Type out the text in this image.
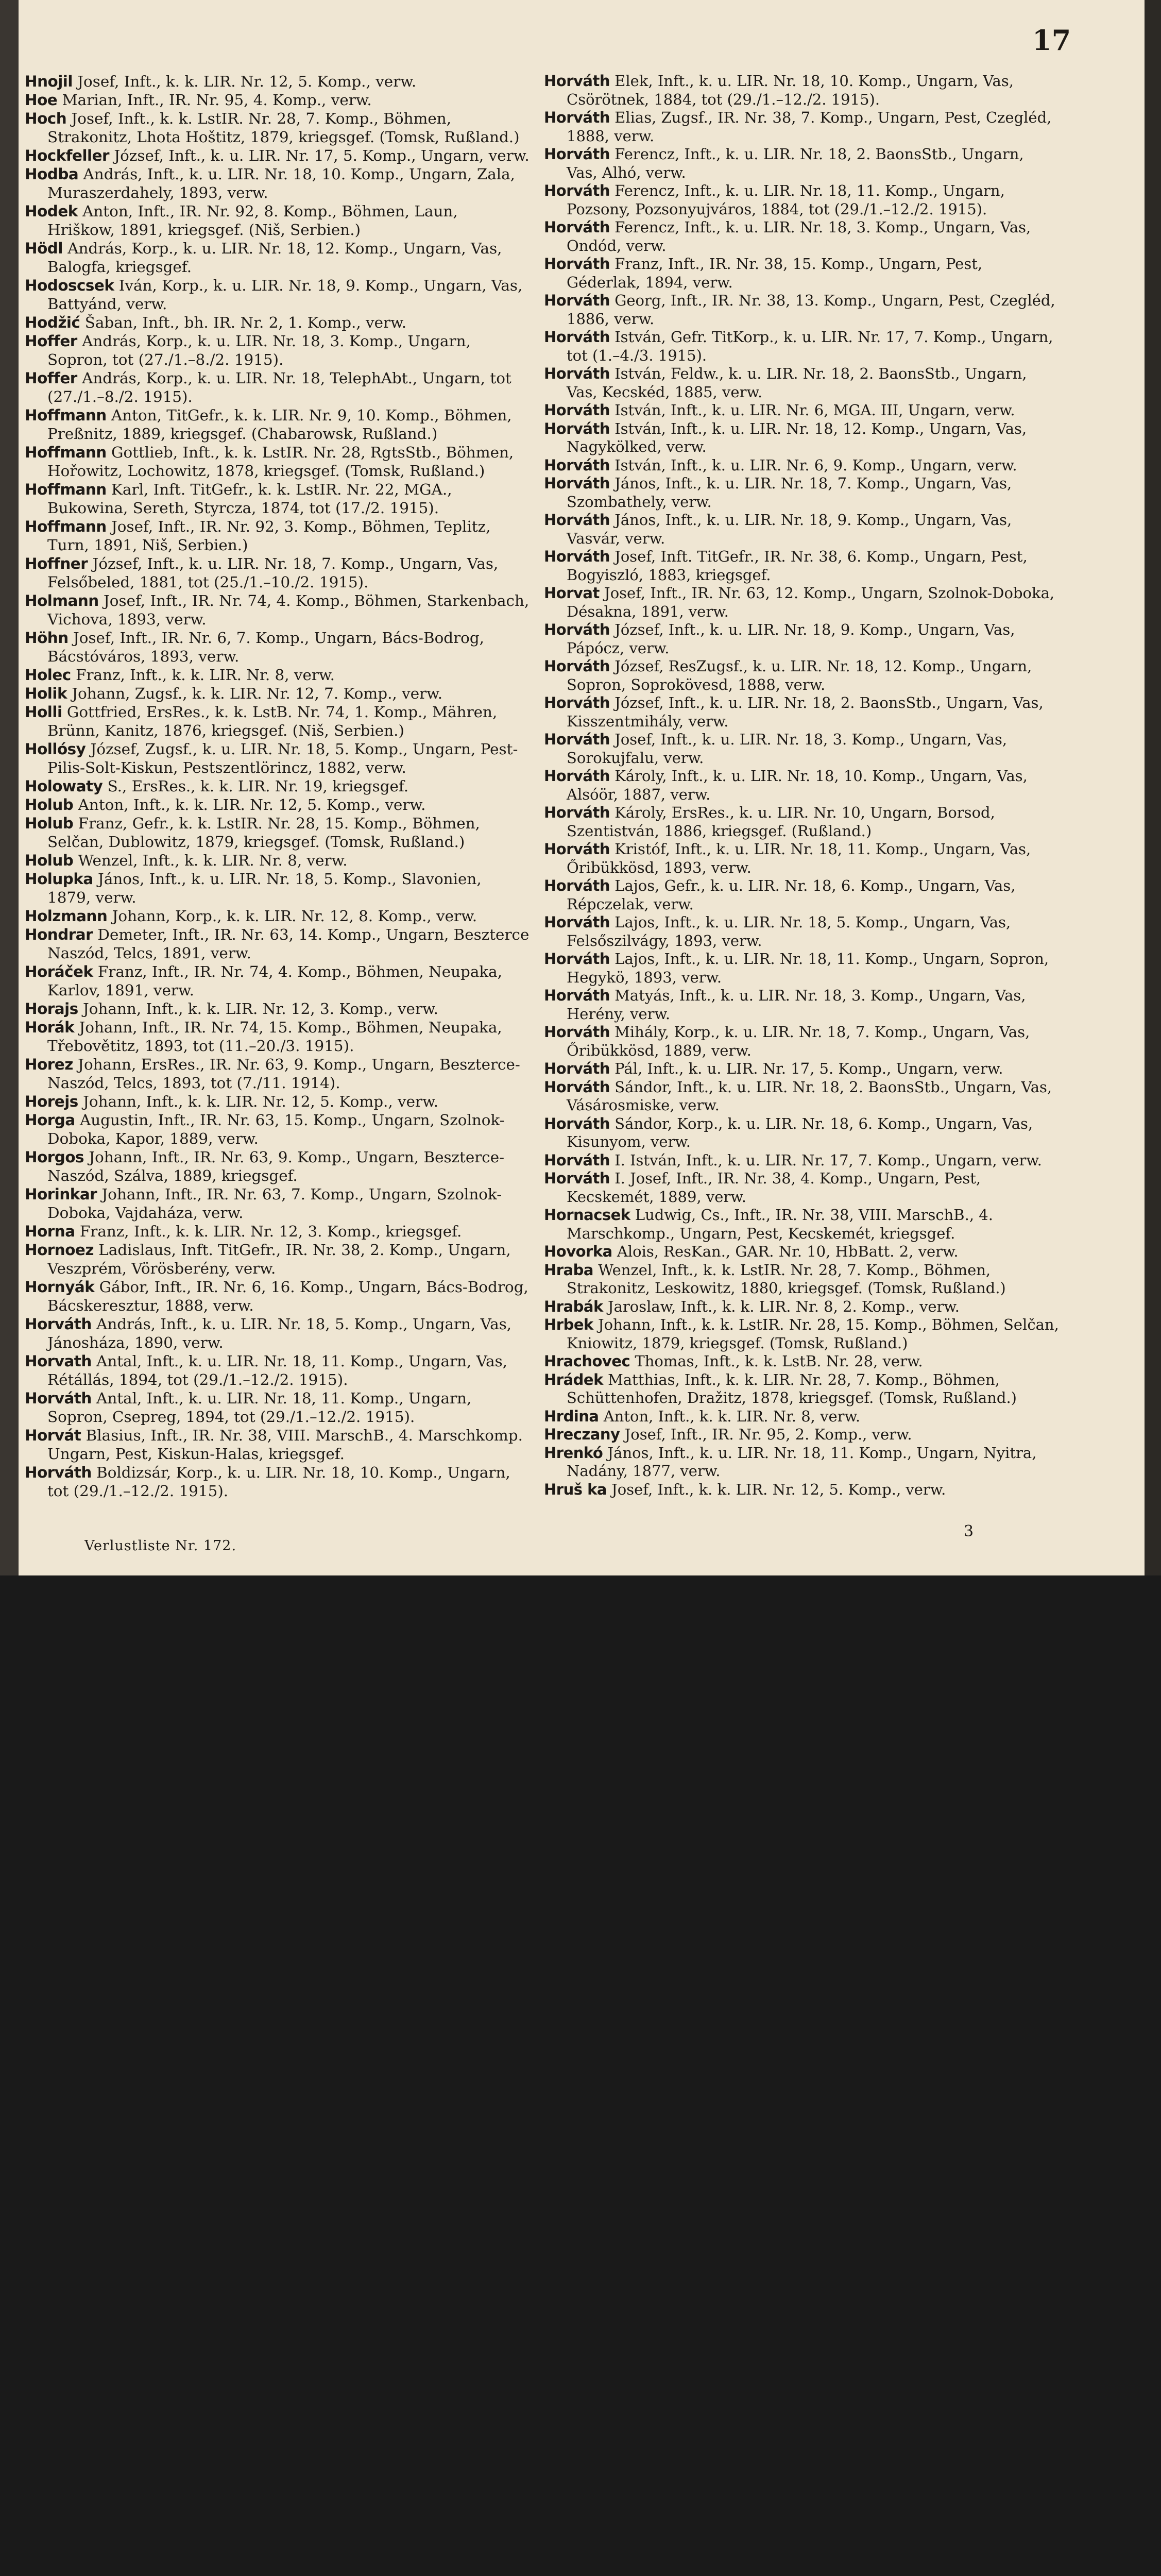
17

Hnojil Josef, Inft., k. k. LIR. Nr. 12, 5. Komp., verw.

Hoe Marian, Inft., IR. Nr. 95, 4. Komp., verw.

Hoch Josef, Inft., k. k. LstIR. Nr. 28, 7. Komp., Böhmen, Strakonitz, Lhota Hoštitz, 1879, kriegsgef. (Tomsk, Rußland.)

Hockfeller József, Inft., k. u. LIR. Nr. 17, 5. Komp., Ungarn, verw.

Hodba András, Inft., k. u. LIR. Nr. 18, 10. Komp., Ungarn, Zala, Muraszerdahely, 1893, verw.

Hodek Anton, Inft., IR. Nr. 92, 8. Komp., Böhmen, Laun, Hriškow, 1891, kriegsgef. (Niš, Serbien.)

Hödl András, Korp., k. u. LIR. Nr. 18, 12. Komp., Ungarn, Vas, Balogfa, kriegsgef.

Hodoscsek Iván, Korp., k. u. LIR. Nr. 18, 9. Komp., Ungarn, Vas, Battyánd, verw.

Hodžić Šaban, Inft., bh. IR. Nr. 2, 1. Komp., verw.

Hoffer András, Korp., k. u. LIR. Nr. 18, 3. Komp., Ungarn, Sopron, tot (27./1.–8./2. 1915).

Hoffer András, Korp., k. u. LIR. Nr. 18, TelephAbt., Ungarn, tot (27./1.–8./2. 1915).

Hoffmann Anton, TitGefr., k. k. LIR. Nr. 9, 10. Komp., Böhmen, Preßnitz, 1889, kriegsgef. (Chabarowsk, Rußland.)

Hoffmann Gottlieb, Inft., k. k. LstIR. Nr. 28, RgtsStb., Böhmen, Hořowitz, Lochowitz, 1878, kriegsgef. (Tomsk, Rußland.)

Hoffmann Karl, Inft. TitGefr., k. k. LstIR. Nr. 22, MGA., Bukowina, Sereth, Styrcza, 1874, tot (17./2. 1915).

Hoffmann Josef, Inft., IR. Nr. 92, 3. Komp., Böhmen, Teplitz, Turn, 1891, Niš, Serbien.)

Hoffner József, Inft., k. u. LIR. Nr. 18, 7. Komp., Ungarn, Vas, Felsőbeled, 1881, tot (25./1.–10./2. 1915).

Holmann Josef, Inft., IR. Nr. 74, 4. Komp., Böhmen, Starkenbach, Vichova, 1893, verw.

Höhn Josef, Inft., IR. Nr. 6, 7. Komp., Ungarn, Bács-Bodrog, Bácstóváros, 1893, verw.

Holec Franz, Inft., k. k. LIR. Nr. 8, verw.

Holik Johann, Zugsf., k. k. LIR. Nr. 12, 7. Komp., verw.

Holli Gottfried, ErsRes., k. k. LstB. Nr. 74, 1. Komp., Mähren, Brünn, Kanitz, 1876, kriegsgef. (Niš, Serbien.)

Hollósy József, Zugsf., k. u. LIR. Nr. 18, 5. Komp., Ungarn, Pest-Pilis-Solt-Kiskun, Pestszentlörincz, 1882, verw.

Holowaty S., ErsRes., k. k. LIR. Nr. 19, kriegsgef.

Holub Anton, Inft., k. k. LIR. Nr. 12, 5. Komp., verw.

Holub Franz, Gefr., k. k. LstIR. Nr. 28, 15. Komp., Böhmen, Selčan, Dublowitz, 1879, kriegsgef. (Tomsk, Rußland.)

Holub Wenzel, Inft., k. k. LIR. Nr. 8, verw.

Holupka János, Inft., k. u. LIR. Nr. 18, 5. Komp., Slavonien, 1879, verw.

Holzmann Johann, Korp., k. k. LIR. Nr. 12, 8. Komp., verw.

Hondrar Demeter, Inft., IR. Nr. 63, 14. Komp., Ungarn, Beszterce Naszód, Telcs, 1891, verw.

Horáček Franz, Inft., IR. Nr. 74, 4. Komp., Böhmen, Neupaka, Karlov, 1891, verw.

Horajs Johann, Inft., k. k. LIR. Nr. 12, 3. Komp., verw.

Horák Johann, Inft., IR. Nr. 74, 15. Komp., Böhmen, Neupaka, Třebovětitz, 1893, tot (11.–20./3. 1915).

Horez Johann, ErsRes., IR. Nr. 63, 9. Komp., Ungarn, Beszterce-Naszód, Telcs, 1893, tot (7./11. 1914).

Horejs Johann, Inft., k. k. LIR. Nr. 12, 5. Komp., verw.

Horga Augustin, Inft., IR. Nr. 63, 15. Komp., Ungarn, Szolnok-Doboka, Kapor, 1889, verw.

Horgos Johann, Inft., IR. Nr. 63, 9. Komp., Ungarn, Beszterce-Naszód, Szálva, 1889, kriegsgef.

Horinkar Johann, Inft., IR. Nr. 63, 7. Komp., Ungarn, Szolnok-Doboka, Vajdaháza, verw.

Horna Franz, Inft., k. k. LIR. Nr. 12, 3. Komp., kriegsgef.

Hornoez Ladislaus, Inft. TitGefr., IR. Nr. 38, 2. Komp., Ungarn, Veszprém, Vörösberény, verw.

Hornyák Gábor, Inft., IR. Nr. 6, 16. Komp., Ungarn, Bács-Bodrog, Bácskeresztur, 1888, verw.

Horváth András, Inft., k. u. LIR. Nr. 18, 5. Komp., Ungarn, Vas, Jánosháza, 1890, verw.

Horvath Antal, Inft., k. u. LIR. Nr. 18, 11. Komp., Ungarn, Vas, Rétállás, 1894, tot (29./1.–12./2. 1915).

Horváth Antal, Inft., k. u. LIR. Nr. 18, 11. Komp., Ungarn, Sopron, Csepreg, 1894, tot (29./1.–12./2. 1915).

Horvát Blasius, Inft., IR. Nr. 38, VIII. MarschB., 4. Marschkomp. Ungarn, Pest, Kiskun-Halas, kriegsgef.

Horváth Boldizsár, Korp., k. u. LIR. Nr. 18, 10. Komp., Ungarn, tot (29./1.–12./2. 1915).

Horváth Elek, Inft., k. u. LIR. Nr. 18, 10. Komp., Ungarn, Vas, Csörötnek, 1884, tot (29./1.–12./2. 1915).

Horváth Elias, Zugsf., IR. Nr. 38, 7. Komp., Ungarn, Pest, Czegléd, 1888, verw.

Horváth Ferencz, Inft., k. u. LIR. Nr. 18, 2. BaonsStb., Ungarn, Vas, Alhó, verw.

Horváth Ferencz, Inft., k. u. LIR. Nr. 18, 11. Komp., Ungarn, Pozsony, Pozsonyujváros, 1884, tot (29./1.–12./2. 1915).

Horváth Ferencz, Inft., k. u. LIR. Nr. 18, 3. Komp., Ungarn, Vas, Ondód, verw.

Horváth Franz, Inft., IR. Nr. 38, 15. Komp., Ungarn, Pest, Géderlak, 1894, verw.

Horváth Georg, Inft., IR. Nr. 38, 13. Komp., Ungarn, Pest, Czegléd, 1886, verw.

Horváth István, Gefr. TitKorp., k. u. LIR. Nr. 17, 7. Komp., Ungarn, tot (1.–4./3. 1915).

Horváth István, Feldw., k. u. LIR. Nr. 18, 2. BaonsStb., Ungarn, Vas, Kecskéd, 1885, verw.

Horváth István, Inft., k. u. LIR. Nr. 6, MGA. III, Ungarn, verw.

Horváth István, Inft., k. u. LIR. Nr. 18, 12. Komp., Ungarn, Vas, Nagykölked, verw.

Horváth István, Inft., k. u. LIR. Nr. 6, 9. Komp., Ungarn, verw.

Horváth János, Inft., k. u. LIR. Nr. 18, 7. Komp., Ungarn, Vas, Szombathely, verw.

Horváth János, Inft., k. u. LIR. Nr. 18, 9. Komp., Ungarn, Vas, Vasvár, verw.

Horváth Josef, Inft. TitGefr., IR. Nr. 38, 6. Komp., Ungarn, Pest, Bogyiszló, 1883, kriegsgef.

Horvat Josef, Inft., IR. Nr. 63, 12. Komp., Ungarn, Szolnok-Doboka, Désakna, 1891, verw.

Horváth József, Inft., k. u. LIR. Nr. 18, 9. Komp., Ungarn, Vas, Pápócz, verw.

Horváth József, ResZugsf., k. u. LIR. Nr. 18, 12. Komp., Ungarn, Sopron, Soprokövesd, 1888, verw.

Horváth József, Inft., k. u. LIR. Nr. 18, 2. BaonsStb., Ungarn, Vas, Kisszentmihály, verw.

Horváth Josef, Inft., k. u. LIR. Nr. 18, 3. Komp., Ungarn, Vas, Sorokujfalu, verw.

Horváth Károly, Inft., k. u. LIR. Nr. 18, 10. Komp., Ungarn, Vas, Alsóör, 1887, verw.

Horváth Károly, ErsRes., k. u. LIR. Nr. 10, Ungarn, Borsod, Szentistván, 1886, kriegsgef. (Rußland.)

Horváth Kristóf, Inft., k. u. LIR. Nr. 18, 11. Komp., Ungarn, Vas, Őribükkösd, 1893, verw.

Horváth Lajos, Gefr., k. u. LIR. Nr. 18, 6. Komp., Ungarn, Vas, Répczelak, verw.

Horváth Lajos, Inft., k. u. LIR. Nr. 18, 5. Komp., Ungarn, Vas, Felsőszilvágy, 1893, verw.

Horváth Lajos, Inft., k. u. LIR. Nr. 18, 11. Komp., Ungarn, Sopron, Hegykö, 1893, verw.

Horváth Matyás, Inft., k. u. LIR. Nr. 18, 3. Komp., Ungarn, Vas, Herény, verw.

Horváth Mihály, Korp., k. u. LIR. Nr. 18, 7. Komp., Ungarn, Vas, Őribükkösd, 1889, verw.

Horváth Pál, Inft., k. u. LIR. Nr. 17, 5. Komp., Ungarn, verw.

Horváth Sándor, Inft., k. u. LIR. Nr. 18, 2. BaonsStb., Ungarn, Vas, Vásárosmiske, verw.

Horváth Sándor, Korp., k. u. LIR. Nr. 18, 6. Komp., Ungarn, Vas, Kisunyom, verw.

Horváth I. István, Inft., k. u. LIR. Nr. 17, 7. Komp., Ungarn, verw.

Horváth I. Josef, Inft., IR. Nr. 38, 4. Komp., Ungarn, Pest, Kecskemét, 1889, verw.

Hornacsek Ludwig, Cs., Inft., IR. Nr. 38, VIII. MarschB., 4. Marschkomp., Ungarn, Pest, Kecskemét, kriegsgef.

Hovorka Alois, ResKan., GAR. Nr. 10, HbBatt. 2, verw.

Hraba Wenzel, Inft., k. k. LstIR. Nr. 28, 7. Komp., Böhmen, Strakonitz, Leskowitz, 1880, kriegsgef. (Tomsk, Rußland.)

Hrabák Jaroslaw, Inft., k. k. LIR. Nr. 8, 2. Komp., verw.

Hrbek Johann, Inft., k. k. LstIR. Nr. 28, 15. Komp., Böhmen, Selčan, Kniowitz, 1879, kriegsgef. (Tomsk, Rußland.)

Hrachovec Thomas, Inft., k. k. LstB. Nr. 28, verw.

Hrádek Matthias, Inft., k. k. LIR. Nr. 28, 7. Komp., Böhmen, Schüttenhofen, Dražitz, 1878, kriegsgef. (Tomsk, Rußland.)

Hrdina Anton, Inft., k. k. LIR. Nr. 8, verw.

Hreczany Josef, Inft., IR. Nr. 95, 2. Komp., verw.

Hrenkó János, Inft., k. u. LIR. Nr. 18, 11. Komp., Ungarn, Nyitra, Nadány, 1877, verw.

Hruš ka Josef, Inft., k. k. LIR. Nr. 12, 5. Komp., verw.

Verlustliste Nr. 172.
3
